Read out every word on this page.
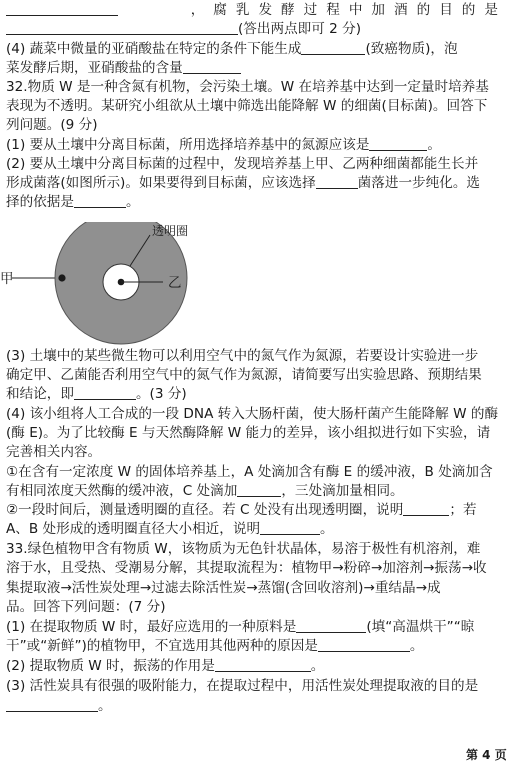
，腐乳发酵过程中加酒的目的是
(答出两点即可 2 分)
(4) 蔬菜中微量的亚硝酸盐在特定的条件下能生成	(致癌物质)，泡
菜发酵后期，亚硝酸盐的含量
32.物质 W 是一种含氮有机物，会污染土壤。W 在培养基中达到一定量时培养基
表现为不透明。某研究小组欲从土壤中筛选出能降解 W 的细菌(目标菌)。回答下
列问题。(9 分)
(1) 要从土壤中分离目标菌，所用选择培养基中的氮源应该是	。
(2) 要从土壤中分离目标菌的过程中，发现培养基上甲、乙两种细菌都能生长并
形成菌落(如图所示)。如果要得到目标菌，应该选择	菌落进一步纯化。选
择的依据是	。
甲	乙
透明圈
(3) 土壤中的某些微生物可以利用空气中的氮气作为氮源，若要设计实验进一步
确定甲、乙菌能否利用空气中的氮气作为氮源，请简要写出实验思路、预期结果
和结论，即	。(3 分)
(4) 该小组将人工合成的一段 DNA 转入大肠杆菌，使大肠杆菌产生能降解 W 的酶
(酶 E)。为了比较酶 E 与天然酶降解 W 能力的差异，该小组拟进行如下实验，请
完善相关内容。
①在含有一定浓度 W 的固体培养基上，A 处滴加含有酶 E 的缓冲液，B 处滴加含
有相同浓度天然酶的缓冲液，C 处滴加	，三处滴加量相同。
②一段时间后，测量透明圈的直径。若 C 处没有出现透明圈，说明	；若
A、B 处形成的透明圈直径大小相近，说明	。
33.绿色植物甲含有物质 W，该物质为无色针状晶体，易溶于极性有机溶剂，难
溶于水，且受热、受潮易分解，其提取流程为：植物甲→粉碎→加溶剂→振荡→收
集提取液→活性炭处理→过滤去除活性炭→蒸馏(含回收溶剂)→重结晶→成
品。回答下列问题：(7 分)
(1) 在提取物质 W 时，最好应选用的一种原料是	(填“高温烘干”“晾
干”或“新鲜”)的植物甲，不宜选用其他两种的原因是	。
(2) 提取物质 W 时，振荡的作用是	。
(3) 活性炭具有很强的吸附能力，在提取过程中，用活性炭处理提取液的目的是
。
第 4 页
